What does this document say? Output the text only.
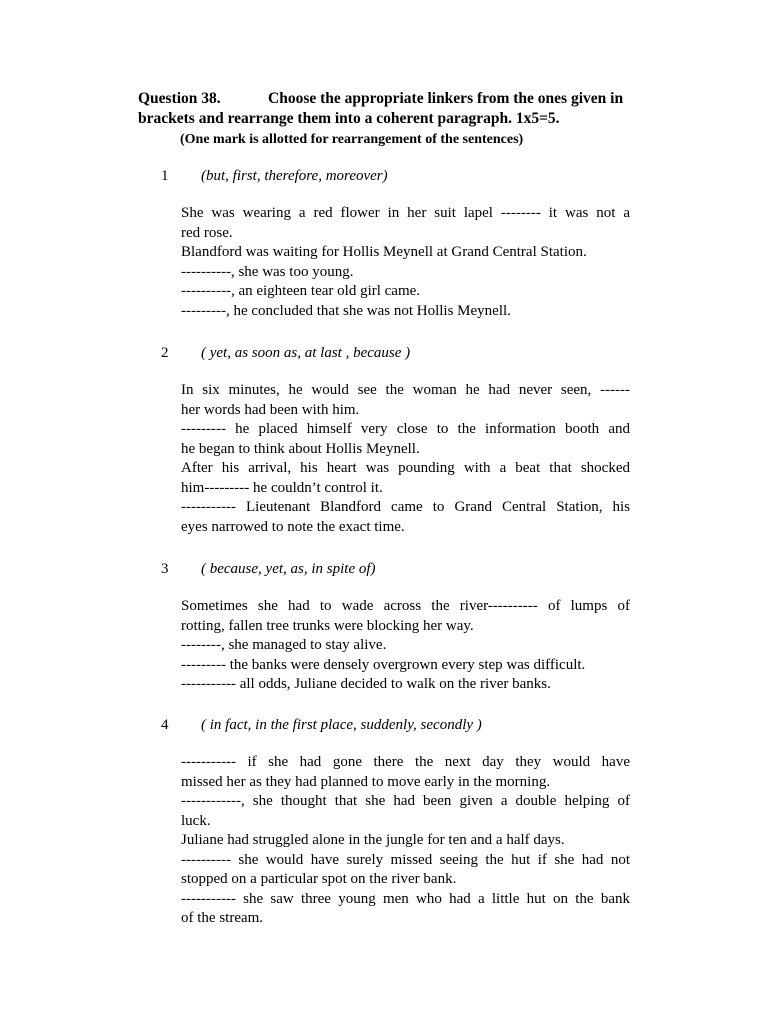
Question 38.	Choose the appropriate linkers from the ones given in brackets and rearrange them into a coherent paragraph. 1x5=5.
(One mark is allotted for rearrangement of the sentences)
1 (but, first, therefore, moreover)
She was wearing a red flower in her suit lapel -------- it was not a
red rose.
Blandford was waiting for Hollis Meynell at Grand Central Station.
----------, she was too young.
----------, an eighteen tear old girl came.
---------, he concluded that she was not Hollis Meynell.
2 ( yet, as soon as, at last , because )
In six minutes, he would see the woman he had never seen, ------
her words had been with him.
--------- he placed himself very close to the information booth and
he began to think about Hollis Meynell.
After his arrival, his heart was pounding with a beat that shocked
him--------- he couldn’t control it.
----------- Lieutenant Blandford came to Grand Central Station, his
eyes narrowed to note the exact time.
3 ( because, yet, as, in spite of)
Sometimes she had to wade across the river---------- of lumps of
rotting, fallen tree trunks were blocking her way.
--------, she managed to stay alive.
--------- the banks were densely overgrown every step was difficult.
----------- all odds, Juliane decided to walk on the river banks.
4 ( in fact, in the first place, suddenly, secondly )
----------- if she had gone there the next day they would have
missed her as they had planned to move early in the morning.
------------, she thought that she had been given a double helping of
luck.
Juliane had struggled alone in the jungle for ten and a half days.
---------- she would have surely missed seeing the hut if she had not
stopped on a particular spot on the river bank.
----------- she saw three young men who had a little hut on the bank
of the stream.
